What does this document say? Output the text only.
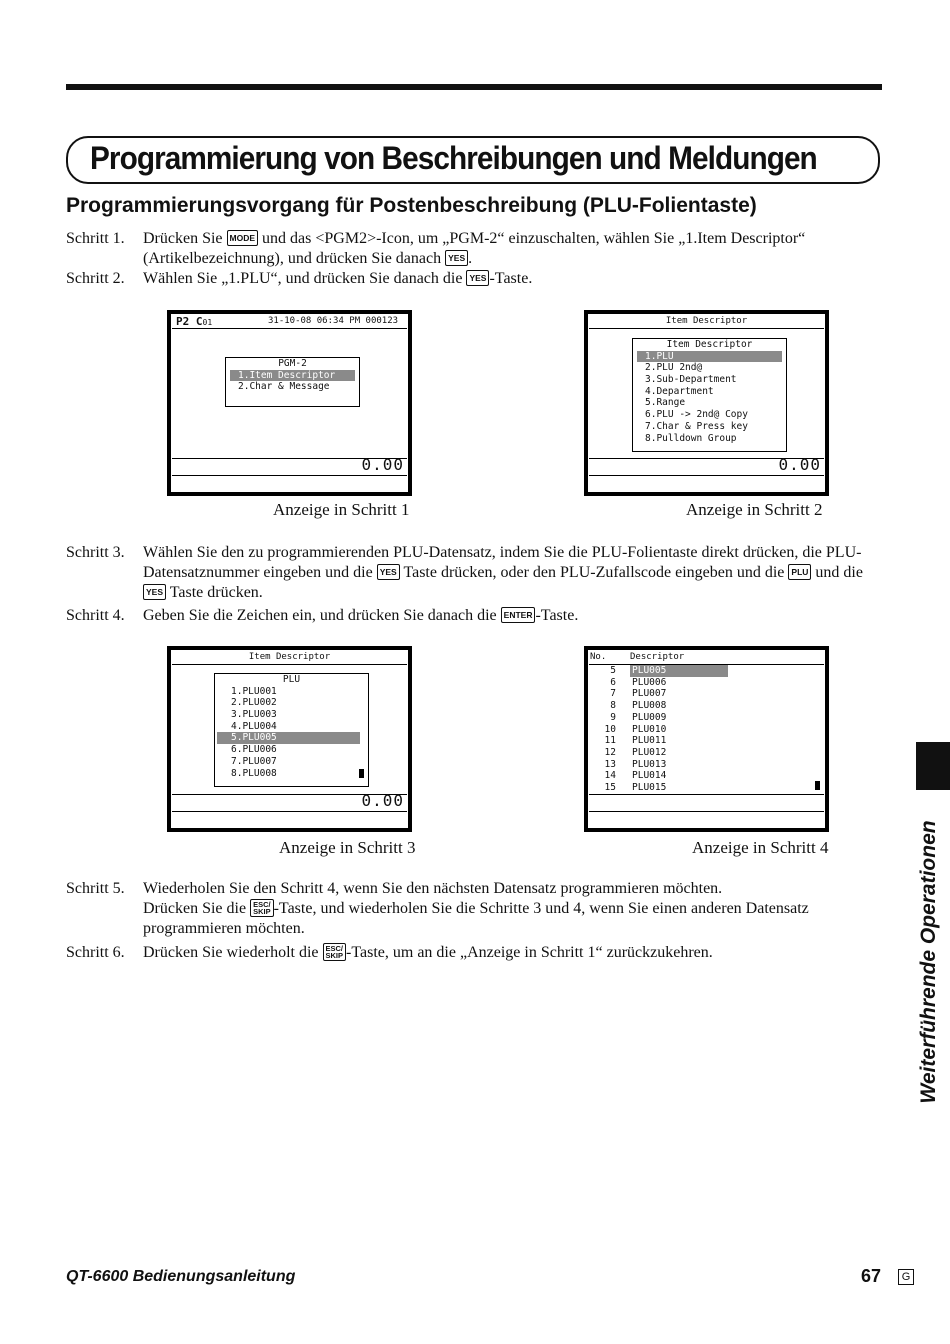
Programmierung von Beschreibungen und Meldungen
Programmierungsvorgang für Postenbeschreibung (PLU-Folientaste)
Schritt 1.	Drücken Sie MODE und das <PGM2>-Icon, um „PGM-2“ einzuschalten, wählen Sie „1.Item Descriptor“ (Artikelbezeichnung), und drücken Sie danach YES .
Schritt 2.	Wählen Sie „1.PLU“, und drücken Sie danach die YES -Taste.
P2 C01	31-10-08 06:34 PM 000123
PGM-2
1.Item Descriptor
2.Char & Message
0.00
Anzeige in Schritt 1
Item Descriptor
Item Descriptor
1.PLU
2.PLU 2nd@
3.Sub-Department
4.Department
5.Range
6.PLU -> 2nd@ Copy
7.Char & Press key
8.Pulldown Group
0.00
Anzeige in Schritt 2
Schritt 3.	Wählen Sie den zu programmierenden PLU-Datensatz, indem Sie die PLU-Folientaste direkt drücken, die PLU-Datensatznummer eingeben und die YES Taste drücken, oder den PLU-Zufallscode eingeben und die PLU und die YES Taste drücken.
Schritt 4.	Geben Sie die Zeichen ein, und drücken Sie danach die ENTER -Taste.
Item Descriptor
PLU
1.PLU001
2.PLU002
3.PLU003
4.PLU004
5.PLU005
6.PLU006
7.PLU007
8.PLU008
0.00
Anzeige in Schritt 3
No.	Descriptor
5 PLU005
6 PLU006
7 PLU007
8 PLU008
9 PLU009
10 PLU010
11 PLU011
12 PLU012
13 PLU013
14 PLU014
15 PLU015
Anzeige in Schritt 4
Schritt 5.	Wiederholen Sie den Schritt 4, wenn Sie den nächsten Datensatz programmieren möchten.
Drücken Sie die ESC/
SKIP -Taste, und wiederholen Sie die Schritte 3 und 4, wenn Sie einen anderen Datensatz programmieren möchten.
Schritt 6.	Drücken Sie wiederholt die ESC/
SKIP -Taste, um an die „Anzeige in Schritt 1“ zurückzukehren.	Weiterführende Operationen
QT-6600 Bedienungsanleitung	67	G
